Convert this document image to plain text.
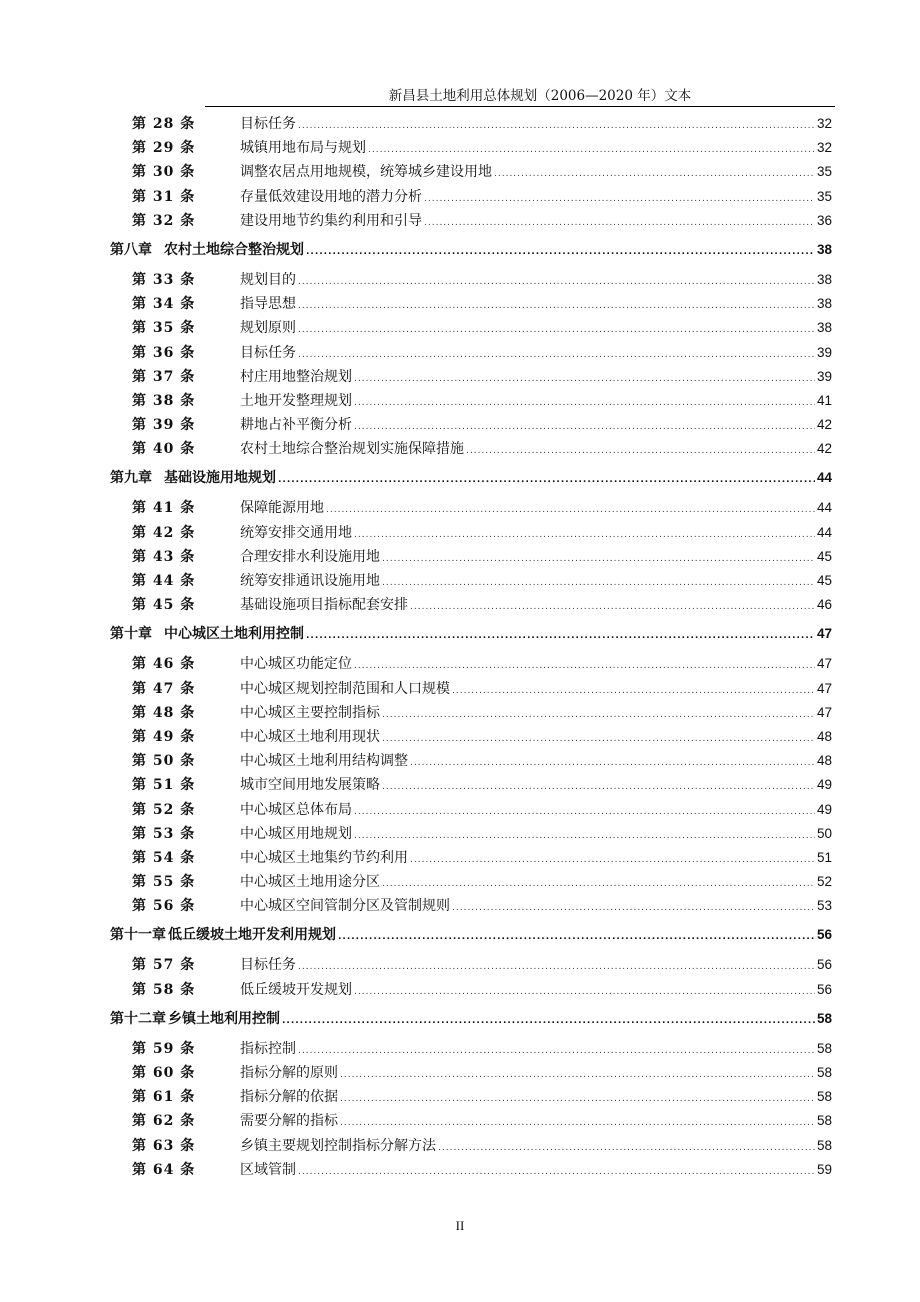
新昌县土地利用总体规划（2006—2020 年）文本
第 28 条	目标任务 .....	32
第 29 条	城镇用地布局与规划 .....	32
第 30 条	调整农居点用地规模，统筹城乡建设用地 .....	35
第 31 条	存量低效建设用地的潜力分析 .....	35
第 32 条	建设用地节约集约利用和引导 .....	36
第八章 农村土地综合整治规划 .....	38
第 33 条	规划目的 .....	38
第 34 条	指导思想 .....	38
第 35 条	规划原则 .....	38
第 36 条	目标任务 .....	39
第 37 条	村庄用地整治规划 .....	39
第 38 条	土地开发整理规划 .....	41
第 39 条	耕地占补平衡分析 .....	42
第 40 条	农村土地综合整治规划实施保障措施 .....	42
第九章 基础设施用地规划 .....	44
第 41 条	保障能源用地 .....	44
第 42 条	统筹安排交通用地 .....	44
第 43 条	合理安排水利设施用地 .....	45
第 44 条	统筹安排通讯设施用地 .....	45
第 45 条	基础设施项目指标配套安排 .....	46
第十章 中心城区土地利用控制 .....	47
第 46 条	中心城区功能定位 .....	47
第 47 条	中心城区规划控制范围和人口规模 .....	47
第 48 条	中心城区主要控制指标 .....	47
第 49 条	中心城区土地利用现状 .....	48
第 50 条	中心城区土地利用结构调整 .....	48
第 51 条	城市空间用地发展策略 .....	49
第 52 条	中心城区总体布局 .....	49
第 53 条	中心城区用地规划 .....	50
第 54 条	中心城区土地集约节约利用 .....	51
第 55 条	中心城区土地用途分区 .....	52
第 56 条	中心城区空间管制分区及管制规则 .....	53
第十一章 低丘缓坡土地开发利用规划 .....	56
第 57 条	目标任务 .....	56
第 58 条	低丘缓坡开发规划 .....	56
第十二章 乡镇土地利用控制 .....	58
第 59 条	指标控制 .....	58
第 60 条	指标分解的原则 .....	58
第 61 条	指标分解的依据 .....	58
第 62 条	需要分解的指标 .....	58
第 63 条	乡镇主要规划控制指标分解方法 .....	58
第 64 条	区域管制 .....	59
II
